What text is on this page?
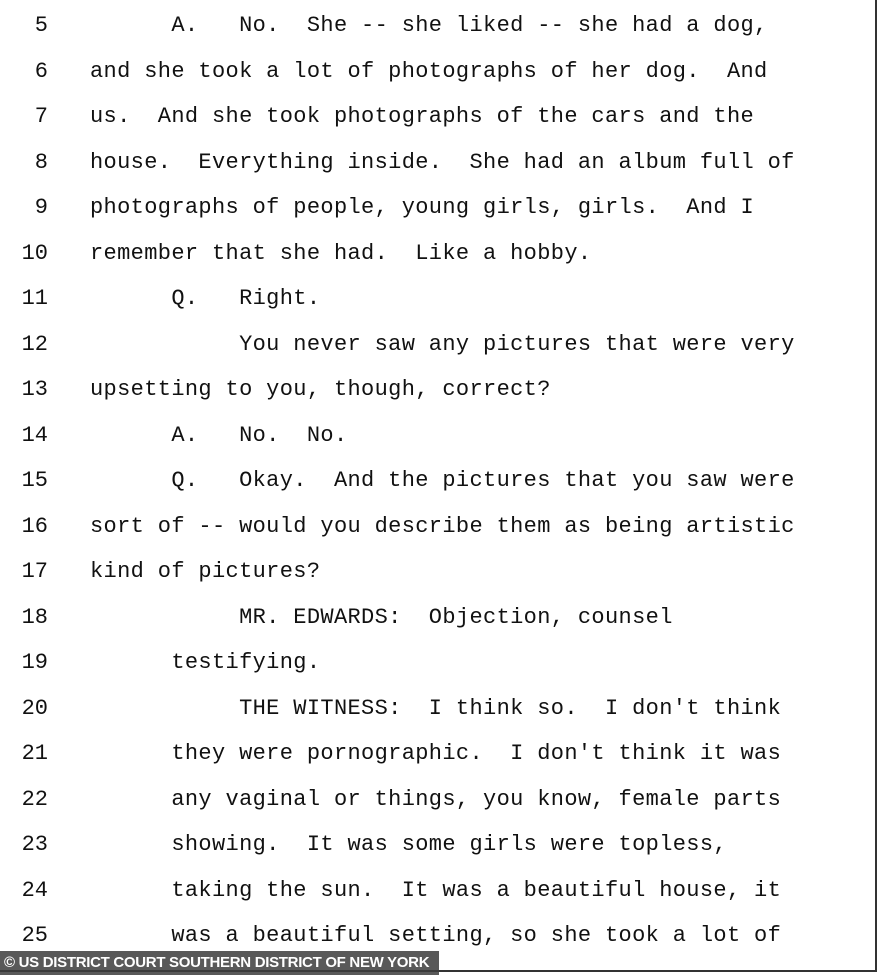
5 A.   No.  She -- she liked -- she had a dog,
6 and she took a lot of photographs of her dog.  And
7 us.  And she took photographs of the cars and the
8 house.  Everything inside.  She had an album full of
9 photographs of people, young girls, girls.  And I
10 remember that she had.  Like a hobby.
11 Q.   Right.
12 You never saw any pictures that were very
13 upsetting to you, though, correct?
14 A.   No.  No.
15 Q.   Okay.  And the pictures that you saw were
16 sort of -- would you describe them as being artistic
17 kind of pictures?
18 MR. EDWARDS:  Objection, counsel
19 testifying.
20 THE WITNESS:  I think so.  I don't think
21 they were pornographic.  I don't think it was
22 any vaginal or things, you know, female parts
23 showing.  It was some girls were topless,
24 taking the sun.  It was a beautiful house, it
25 was a beautiful setting, so she took a lot of
© US DISTRICT COURT SOUTHERN DISTRICT OF NEW YORK
